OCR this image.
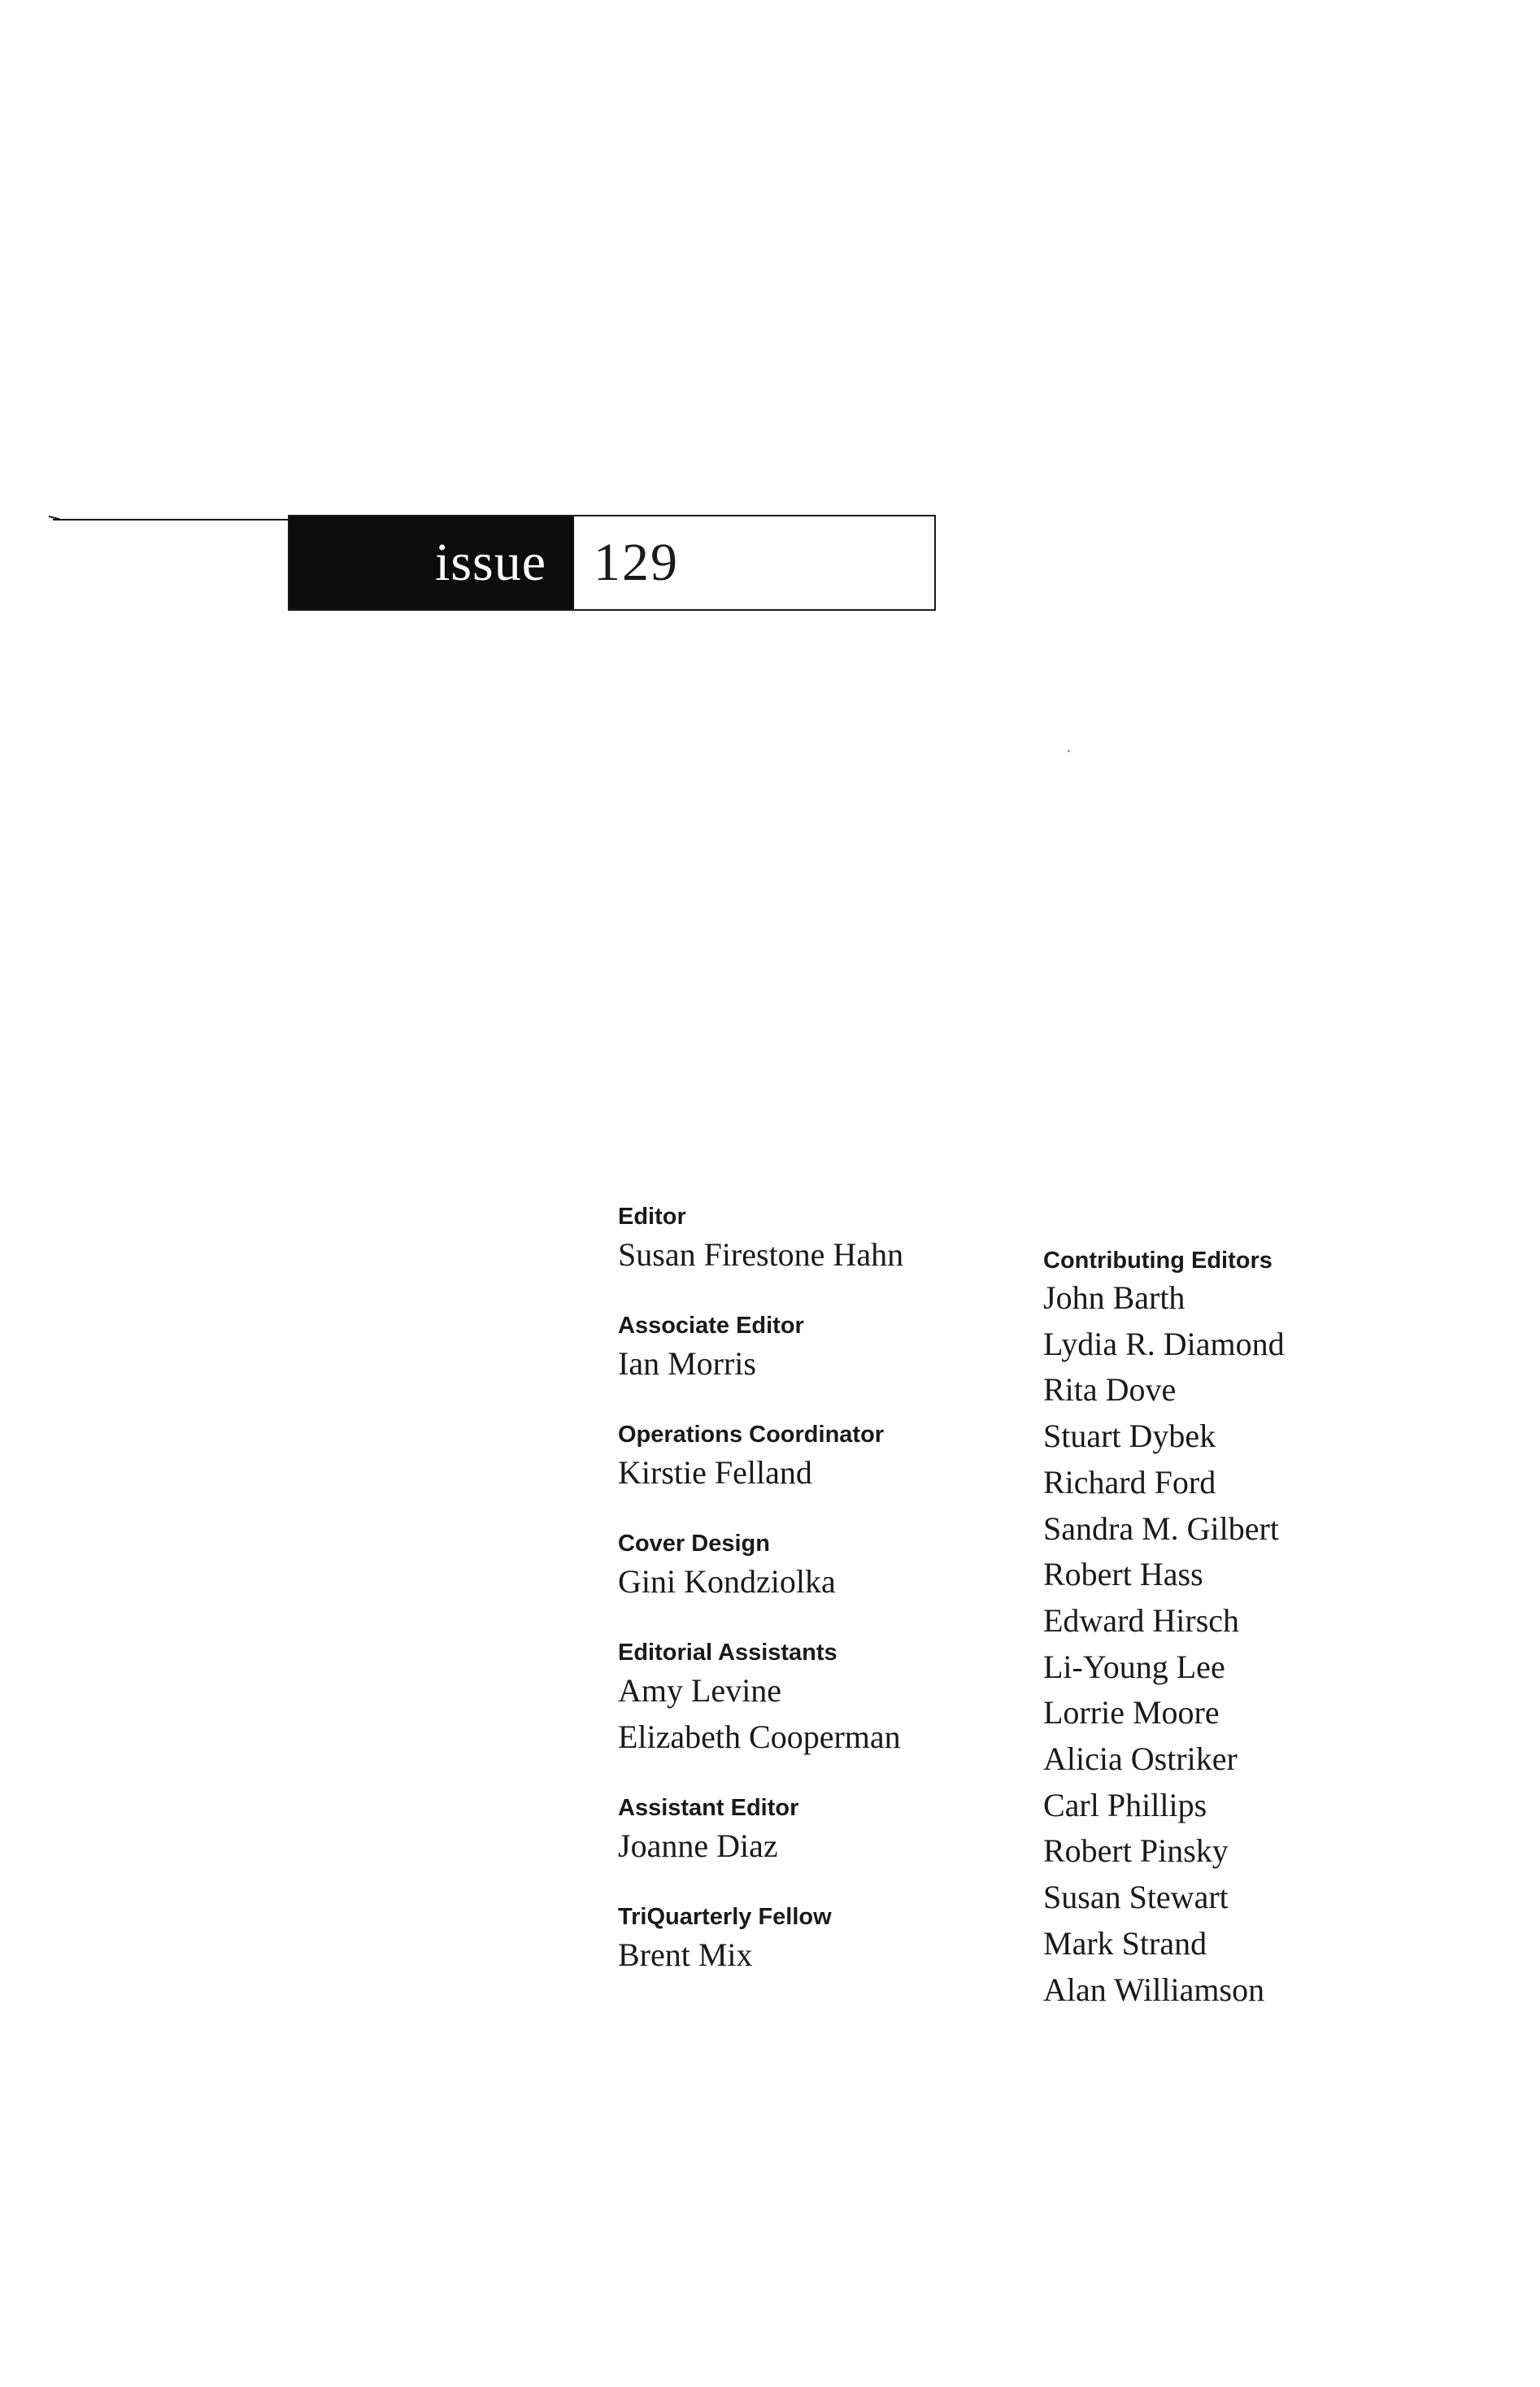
issue 129
Editor
Susan Firestone Hahn
Associate Editor
Ian Morris
Operations Coordinator
Kirstie Felland
Cover Design
Gini Kondziolka
Editorial Assistants
Amy Levine
Elizabeth Cooperman
Assistant Editor
Joanne Diaz
TriQuarterly Fellow
Brent Mix
Contributing Editors
John Barth
Lydia R. Diamond
Rita Dove
Stuart Dybek
Richard Ford
Sandra M. Gilbert
Robert Hass
Edward Hirsch
Li-Young Lee
Lorrie Moore
Alicia Ostriker
Carl Phillips
Robert Pinsky
Susan Stewart
Mark Strand
Alan Williamson
